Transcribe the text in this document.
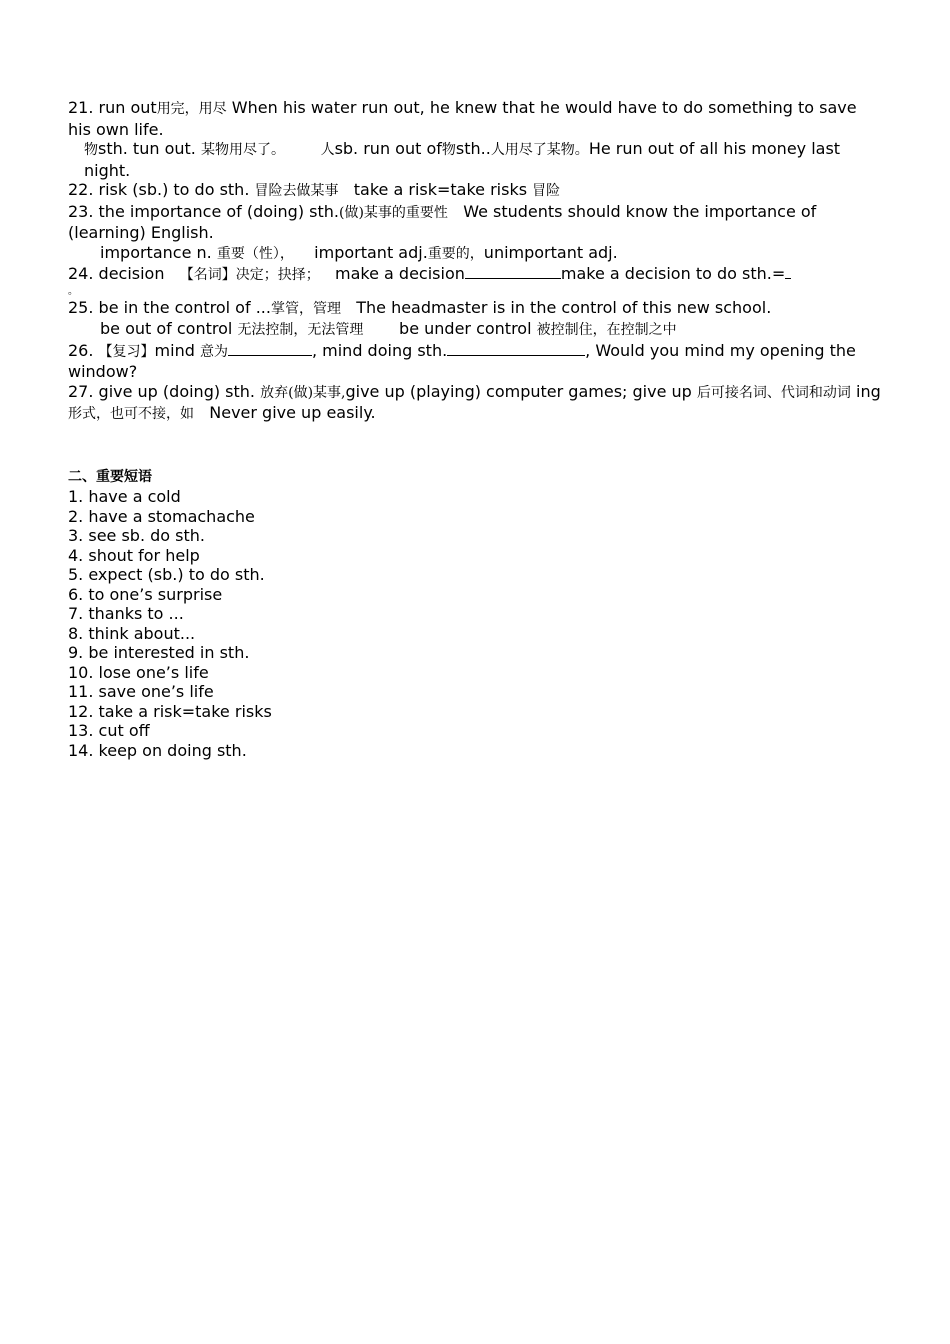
21. run out用完，用尽 When his water run out, he knew that he would have to do something to save his own life.
物sth. tun out. 某物用尽了。	人sb. run out of物sth..人用尽了某物。He run out of all his money last night.
22. risk (sb.) to do sth. 冒险去做某事 take a risk=take risks 冒险
23. the importance of (doing) sth.(做)某事的重要性 We students should know the importance of (learning) English.
importance n. 重要（性）， important adj.重要的，unimportant adj.
24. decision 【名词】决定；抉择； make a decision	make a decision to do sth.=
。
25. be in the control of ...掌管，管理 The headmaster is in the control of this new school.
be out of control 无法控制，无法管理 be under control 被控制住，在控制之中
26. 【复习】mind 意为	, mind doing sth.	, Would you mind my opening the window?
27. give up (doing) sth. 放弃(做)某事,give up (playing) computer games; give up 后可接名词、代词和动词 ing 形式，也可不接，如 Never give up easily.
二、重要短语
1. have a cold
2. have a stomachache
3. see sb. do sth.
4. shout for help
5. expect (sb.) to do sth.
6. to one’s surprise
7. thanks to ...
8. think about...
9. be interested in sth.
10. lose one’s life
11. save one’s life
12. take a risk=take risks
13. cut off
14. keep on doing sth.
